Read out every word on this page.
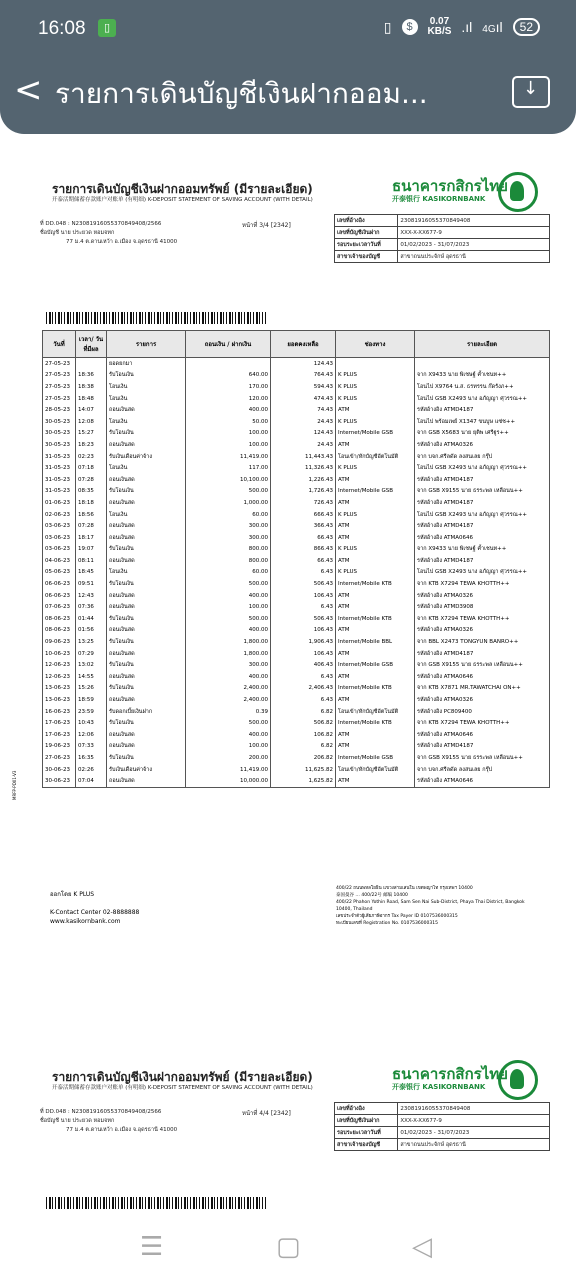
16:08	▯	▯	$	0.07
KB/S .ıl 4Gıl	52
< รายการเดินบัญชีเงินฝากออม...
↓
รายการเดินบัญชีเงินฝากออมทรัพย์ (มีรายละเอียด)
开泰活期储蓄存款账户对账单 (有明细) K-DEPOSIT STATEMENT OF SAVING ACCOUNT (WITH DETAIL)
ที่ DD.048 : N2308191605537084940​8/2566
ชื่อบัญชี นาย ประยวด หอมจทก
77 ม.4 ต.ดานเหว้า อ.เมือง จ.อุดรธานี 41000
หน้าที่ 3/4 [2342]
ธนาคารกสิกรไทย
开泰银行 KASIKORNBANK
เลขที่อ้างอิง	230819160553708494​08
เลขที่บัญชีเงินฝาก	XXX-X-XX677-9
รอบระยะเวลาวันที่	01/02/2023 - 31/07/2023
สาขาเจ้าของบัญชี	สาขาถนนประจักษ์ อุดรธานี
วันที่	เวลา/ วันที่มีผล	รายการ	ถอนเงิน / ฝากเงิน	ยอดคงเหลือ	ช่องทาง	รายละเอียด
27-05-23		ยอดยกมา		124.43		
27-05-23	18:36	รับโอนเงิน	640.00	764.43	K PLUS	จาก X9433 นาย พิเชษฐ์ ค้ำเชนท++
27-05-23	18:38	โอนเงิน	170.00	594.43	K PLUS	โอนไป X9764 น.ส. ธรทรรน ก๊ดรังภ++
27-05-23	18:48	โอนเงิน	120.00	474.43	K PLUS	โอนไป GSB X2493 นาง อภัญญา ศุวรรณ++
28-05-23	14:07	ถอนเงินสด	400.00	74.43	ATM	รหัสอ้างอิง ATMD4187
30-05-23	12:08	โอนเงิน	50.00	24.43	K PLUS	โอนไป พร้อมเพย์ X1347 ขนบูษ แซ่ช++
30-05-23	15:27	รับโอนเงิน	100.00	124.43	Internet/Mobile GSB	จาก GSB X5683 นาย ยุติพ เศรีฐูร++
30-05-23	18:23	ถอนเงินสด	100.00	24.43	ATM	รหัสอ้างอิง ATMA0326
31-05-23	02:23	รับเงินเดือนค่าจ้าง	11,419.00	11,443.43	โอนเข้า/หักบัญชีอัตโนมัติ	จาก บจก.ศรีลดัด ลงสนเลย กรุ๊ป
31-05-23	07:18	โอนเงิน	117.00	11,326.43	K PLUS	โอนไป GSB X2493 นาง อภัญญา ศุวรรณ++
31-05-23	07:28	ถอนเงินสด	10,100.00	1,226.43	ATM	รหัสอ้างอิง ATMD4187
31-05-23	08:35	รับโอนเงิน	500.00	1,726.43	Internet/Mobile GSB	จาก GSB X9155 นาย ธรระพล เหลือนน++
01-06-23	18:18	ถอนเงินสด	1,000.00	726.43	ATM	รหัสอ้างอิง ATMD4187
02-06-23	18:56	โอนเงิน	60.00	666.43	K PLUS	โอนไป GSB X2493 นาง อภัญญา ศุวรรณ++
03-06-23	07:28	ถอนเงินสด	300.00	366.43	ATM	รหัสอ้างอิง ATMD4187
03-06-23	18:17	ถอนเงินสด	300.00	66.43	ATM	รหัสอ้างอิง ATMA0646
03-06-23	19:07	รับโอนเงิน	800.00	866.43	K PLUS	จาก X9433 นาย พิเชษฐ์ ค้ำเชนท++
04-06-23	08:11	ถอนเงินสด	800.00	66.43	ATM	รหัสอ้างอิง ATMD4187
05-06-23	18:45	โอนเงิน	60.00	6.43	K PLUS	โอนไป GSB X2493 นาง อภัญญา ศุวรรณ++
06-06-23	09:51	รับโอนเงิน	500.00	506.43	Internet/Mobile KTB	จาก KTB X7294 TEWA KHOTTH++
06-06-23	12:43	ถอนเงินสด	400.00	106.43	ATM	รหัสอ้างอิง ATMA0326
07-06-23	07:36	ถอนเงินสด	100.00	6.43	ATM	รหัสอ้างอิง ATMD3908
08-06-23	01:44	รับโอนเงิน	500.00	506.43	Internet/Mobile KTB	จาก KTB X7294 TEWA KHOTTH++
08-06-23	01:56	ถอนเงินสด	400.00	106.43	ATM	รหัสอ้างอิง ATMA0326
09-06-23	13:25	รับโอนเงิน	1,800.00	1,906.43	Internet/Mobile BBL	จาก BBL X2473 TONGYUN BANRO++
10-06-23	07:29	ถอนเงินสด	1,800.00	106.43	ATM	รหัสอ้างอิง ATMD4187
12-06-23	13:02	รับโอนเงิน	300.00	406.43	Internet/Mobile GSB	จาก GSB X9155 นาย ธรระพล เหลือนน++
12-06-23	14:55	ถอนเงินสด	400.00	6.43	ATM	รหัสอ้างอิง ATMA0646
13-06-23	15:26	รับโอนเงิน	2,400.00	2,406.43	Internet/Mobile KTB	จาก KTB X7871 MR.TAWATCHAI ON++
13-06-23	18:59	ถอนเงินสด	2,400.00	6.43	ATM	รหัสอ้างอิง ATMA0326
16-06-23	23:59	รับดอกเบี้ยเงินฝาก	0.39	6.82	โอนเข้า/หักบัญชีอัตโนมัติ	รหัสอ้างอิง PC809400
17-06-23	10:43	รับโอนเงิน	500.00	506.82	Internet/Mobile KTB	จาก KTB X7294 TEWA KHOTTH++
17-06-23	12:06	ถอนเงินสด	400.00	106.82	ATM	รหัสอ้างอิง ATMA0646
19-06-23	07:33	ถอนเงินสด	100.00	6.82	ATM	รหัสอ้างอิง ATMD4187
27-06-23	16:35	รับโอนเงิน	200.00	206.82	Internet/Mobile GSB	จาก GSB X9155 นาย ธรระพล เหลือนน++
30-06-23	02:26	รับเงินเดือนค่าจ้าง	11,419.00	11,625.82	โอนเข้า/หักบัญชีอัตโนมัติ	จาก บจก.ศรีลดัด ลงสนเลย กรุ๊ป
30-06-23	07:04	ถอนเงินสด	10,000.00	1,625.82	ATM	รหัสอ้างอิง ATMA0646
MRFP-PD01-V3
ออกโดย K PLUS
K-Contact Center 02-8888888
www.kasikornbank.com
400/22 ถนนพหลโยธิน แขวงสามเสนใน เขตพญาไท กรุงเทพฯ 10400
泰国曼谷 … 400/22号 邮编 10400
400/22 Phahon Yothin Road, Sam Sen Nai Sub-District, Phaya Thai District, Bangkok 10400, Thailand
เลขประจำตัวผู้เสียภาษีอากร Tax Payer ID 0107536000315
ทะเบียนเลขที่ Registration No. 0107536000315
รายการเดินบัญชีเงินฝากออมทรัพย์ (มีรายละเอียด)
开泰活期储蓄存款账户对账单 (有明细) K-DEPOSIT STATEMENT OF SAVING ACCOUNT (WITH DETAIL)
ที่ DD.048 : N2308191605537084940​8/2566
ชื่อบัญชี นาย ประยวด หอมจทก
77 ม.4 ต.ดานเหว้า อ.เมือง จ.อุดรธานี 41000
หน้าที่ 4/4 [2342]
ธนาคารกสิกรไทย
开泰银行 KASIKORNBANK
เลขที่อ้างอิง	230819160553708494​08
เลขที่บัญชีเงินฝาก	XXX-X-XX677-9
รอบระยะเวลาวันที่	01/02/2023 - 31/07/2023
สาขาเจ้าของบัญชี	สาขาถนนประจักษ์ อุดรธานี
☰	▢	◁
